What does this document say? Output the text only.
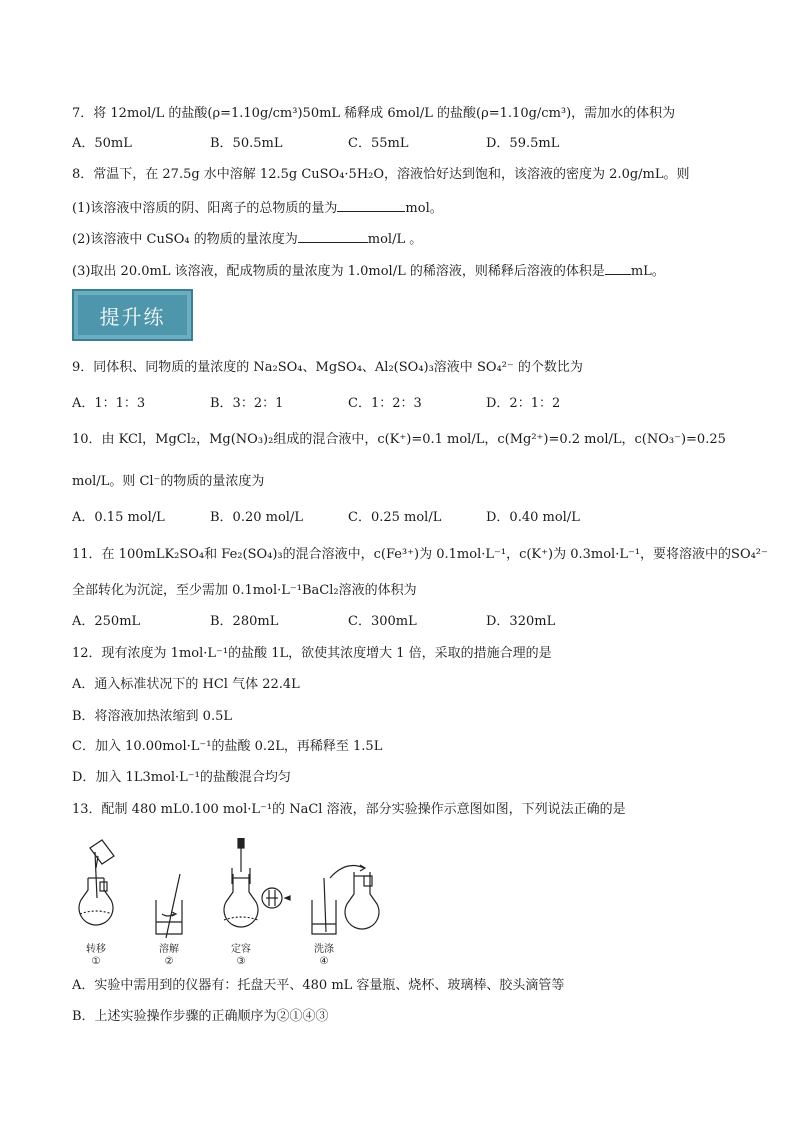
7．将 12mol/L 的盐酸(ρ=1.10g/cm³)50mL 稀释成 6mol/L 的盐酸(ρ=1.10g/cm³)，需加水的体积为
A．50mL	B．50.5mL	C．55mL	D．59.5mL
8．常温下，在 27.5g 水中溶解 12.5g CuSO₄·5H₂O，溶液恰好达到饱和，该溶液的密度为 2.0g/mL。则
(1)该溶液中溶质的阴、阳离子的总物质的量为	mol。
(2)该溶液中 CuSO₄ 的物质的量浓度为	mol/L 。
(3)取出 20.0mL 该溶液，配成物质的量浓度为 1.0mol/L 的稀溶液，则稀释后溶液的体积是 mL。
提升练
9．同体积、同物质的量浓度的 Na₂SO₄、MgSO₄、Al₂(SO₄)₃溶液中 SO₄²⁻ 的个数比为
A．1：1：3	B．3：2：1	C．1：2：3	D．2：1：2
10．由 KCl，MgCl₂，Mg(NO₃)₂组成的混合液中，c(K⁺)=0.1 mol/L，c(Mg²⁺)=0.2 mol/L，c(NO₃⁻)=0.25
mol/L。则 Cl⁻的物质的量浓度为
A．0.15 mol/L	B．0.20 mol/L	C．0.25 mol/L	D．0.40 mol/L
11．在 100mLK₂SO₄和 Fe₂(SO₄)₃的混合溶液中，c(Fe³⁺)为 0.1mol·L⁻¹，c(K⁺)为 0.3mol·L⁻¹，要将溶液中的SO₄²⁻
全部转化为沉淀，至少需加 0.1mol·L⁻¹BaCl₂溶液的体积为
A．250mL	B．280mL	C．300mL	D．320mL
12．现有浓度为 1mol·L⁻¹的盐酸 1L，欲使其浓度增大 1 倍，采取的措施合理的是
A．通入标准状况下的 HCl 气体 22.4L
B．将溶液加热浓缩到 0.5L
C．加入 10.00mol·L⁻¹的盐酸 0.2L，再稀释至 1.5L
D．加入 1L3mol·L⁻¹的盐酸混合均匀
13．配制 480 mL0.100 mol·L⁻¹的 NaCl 溶液，部分实验操作示意图如图，下列说法正确的是
转移
①
溶解
②
定容
③
洗涤
④
A．实验中需用到的仪器有：托盘天平、480 mL 容量瓶、烧杯、玻璃棒、胶头滴管等
B．上述实验操作步骤的正确顺序为②①④③
